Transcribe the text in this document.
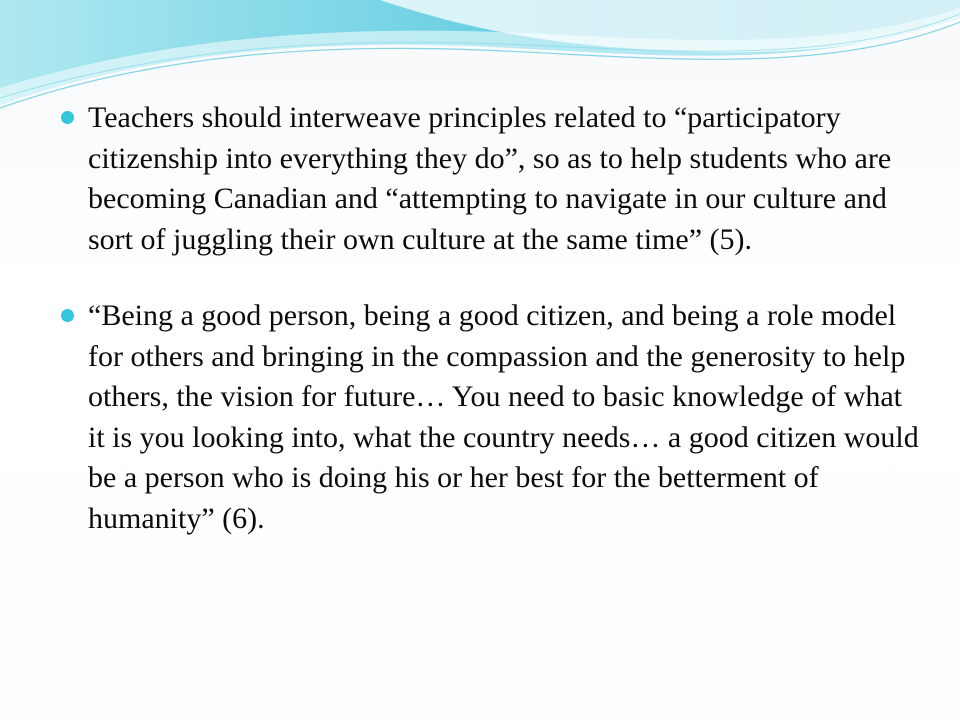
Teachers should interweave principles related to “participatory citizenship into everything they do”, so as to help students who are becoming Canadian and “attempting to navigate in our culture and sort of juggling their own culture at the same time” (5).
“Being a good person, being a good citizen, and being a role model for others and bringing in the compassion and the generosity to help others, the vision for future… You need to basic knowledge of what it is you looking into, what the country needs… a good citizen would be a person who is doing his or her best for the betterment of humanity” (6).
